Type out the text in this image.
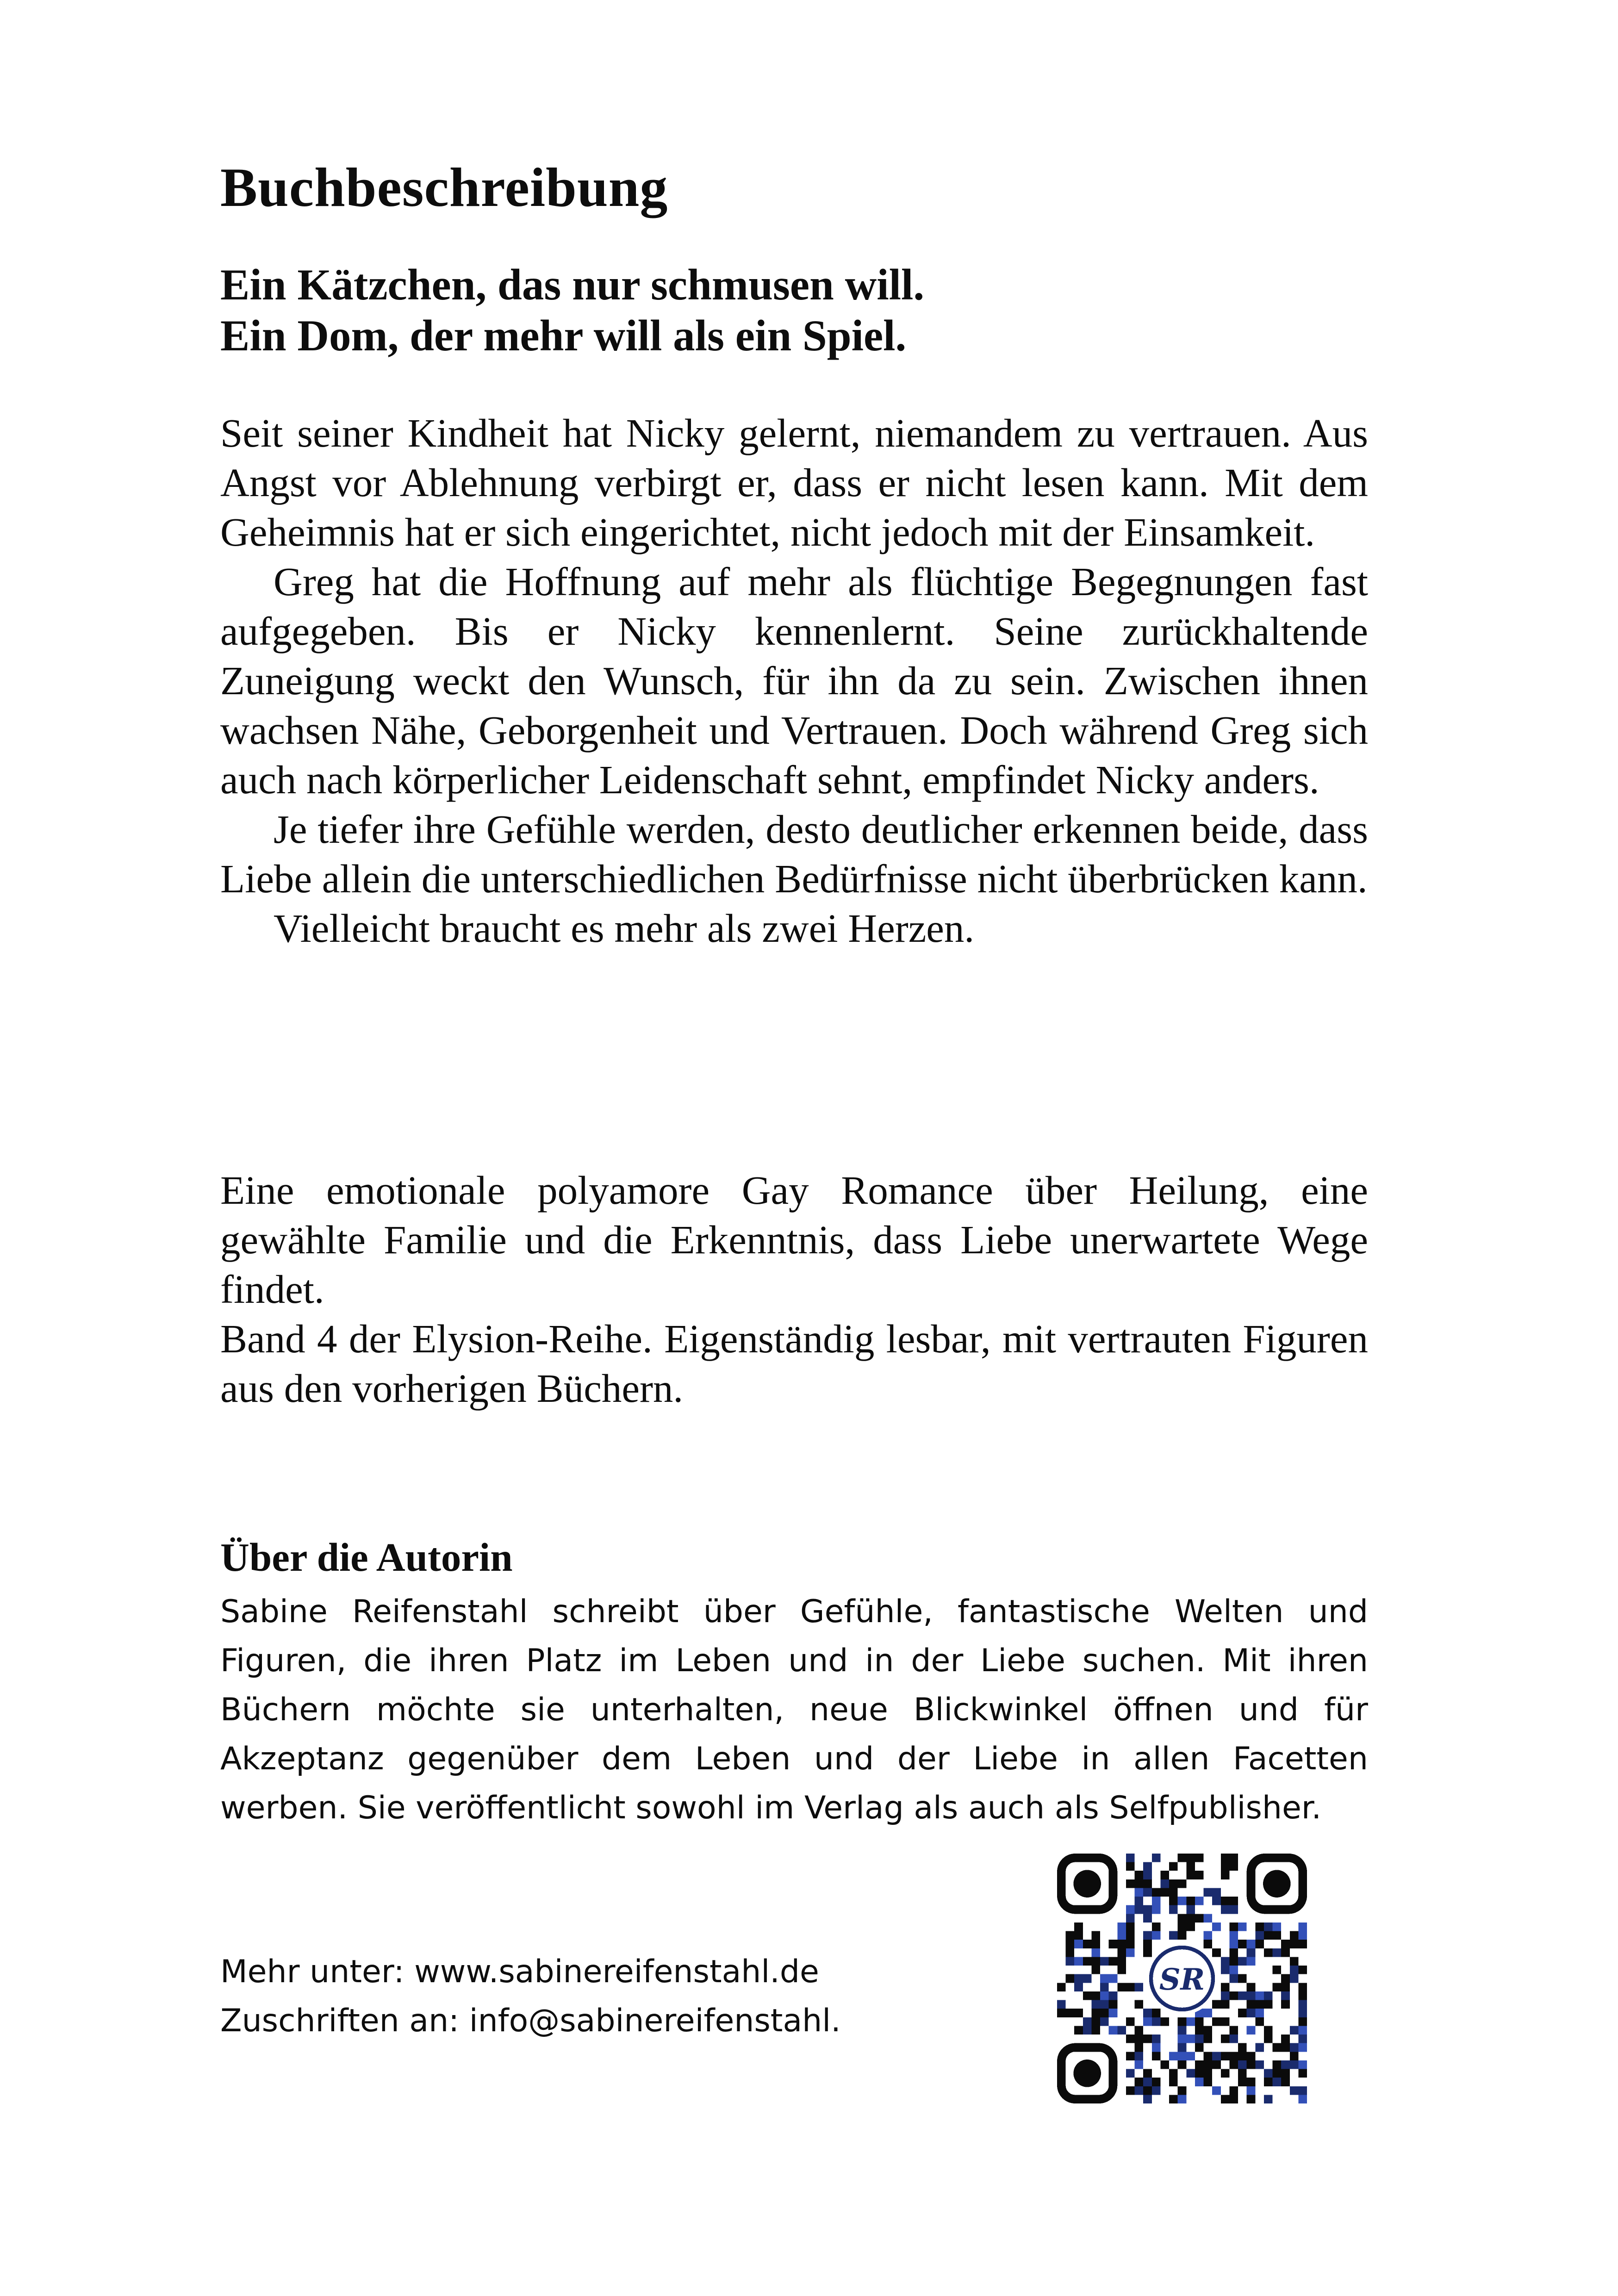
Buchbeschreibung
Ein Kätzchen, das nur schmusen will.
Ein Dom, der mehr will als ein Spiel.

Seit seiner Kindheit hat Nicky gelernt, niemandem zu vertrauen. Aus Angst vor Ablehnung verbirgt er, dass er nicht lesen kann. Mit dem Geheimnis hat er sich eingerichtet, nicht jedoch mit der Einsamkeit.

Greg hat die Hoffnung auf mehr als flüchtige Begegnungen fast aufgegeben. Bis er Nicky kennenlernt. Seine zurückhaltende Zuneigung weckt den Wunsch, für ihn da zu sein. Zwischen ihnen wachsen Nähe, Geborgenheit und Vertrauen. Doch während Greg sich auch nach körperlicher Leidenschaft sehnt, empfindet Nicky anders.

Je tiefer ihre Gefühle werden, desto deutlicher erkennen beide, dass Liebe allein die unterschiedlichen Bedürfnisse nicht überbrücken kann.

Vielleicht braucht es mehr als zwei Herzen.

Eine emotionale polyamore Gay Romance über Heilung, eine gewählte Familie und die Erkenntnis, dass Liebe unerwartete Wege findet.

Band 4 der Elysion-Reihe. Eigenständig lesbar, mit vertrauten Figuren aus den vorherigen Büchern.

Über die Autorin

Sabine Reifenstahl schreibt über Gefühle, fantastische Welten und Figuren, die ihren Platz im Leben und in der Liebe suchen. Mit ihren Büchern möchte sie unterhalten, neue Blickwinkel öffnen und für Akzeptanz gegenüber dem Leben und der Liebe in allen Facetten werben. Sie veröffentlicht sowohl im Verlag als auch als Selfpublisher.

Mehr unter: www.sabinereifenstahl.de
Zuschriften an: info@sabinereifenstahl.
SR
